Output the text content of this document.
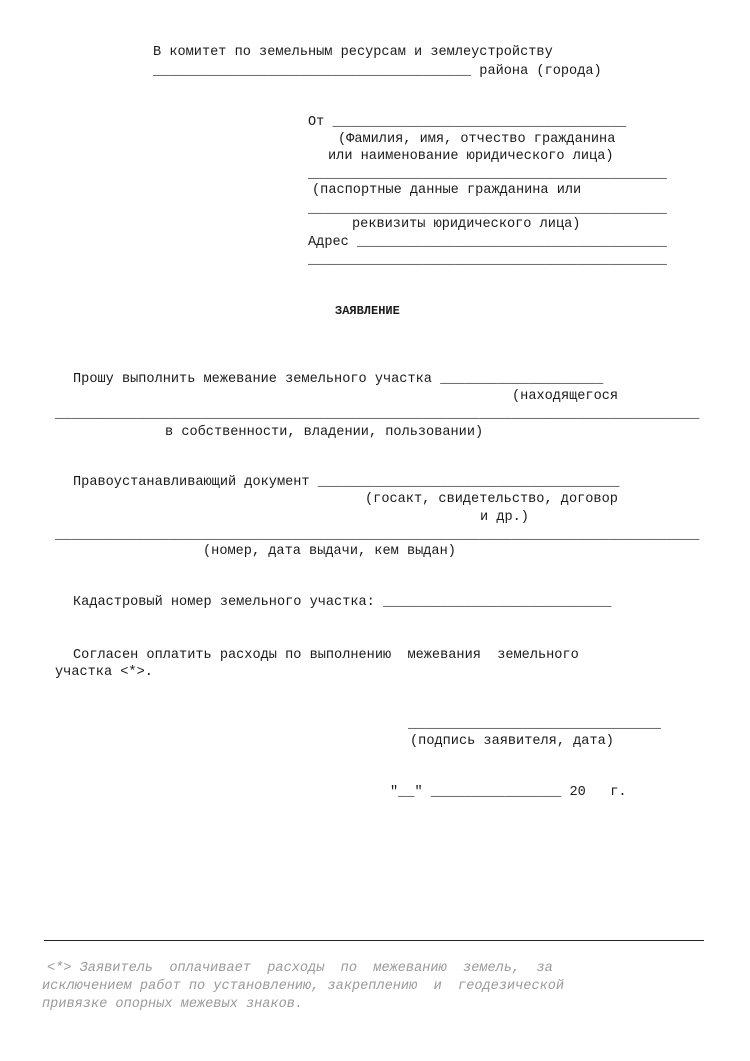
В комитет по земельным ресурсам и землеустройству

_______________________________________ района (города)

От ____________________________________

(Фамилия, имя, отчество гражданина

или наименование юридического лица)

____________________________________________

(паспортные данные гражданина или

____________________________________________

реквизиты юридического лица)

Адрес ______________________________________

____________________________________________

ЗАЯВЛЕНИЕ

Прошу выполнить межевание земельного участка ____________________

(находящегося

_______________________________________________________________________________

в собственности, владении, пользовании)

Правоустанавливающий документ _____________________________________

(госакт, свидетельство, договор

и др.)

_______________________________________________________________________________

(номер, дата выдачи, кем выдан)

Кадастровый номер земельного участка: ____________________________

Согласен оплатить расходы по выполнению  межевания  земельного

участка <*>.

_______________________________

(подпись заявителя, дата)

"__" ________________ 20   г.

<*> Заявитель  оплачивает  расходы  по  межеванию  земель,  за

исключением работ по установлению, закреплению  и  геодезической

привязке опорных межевых знаков.
